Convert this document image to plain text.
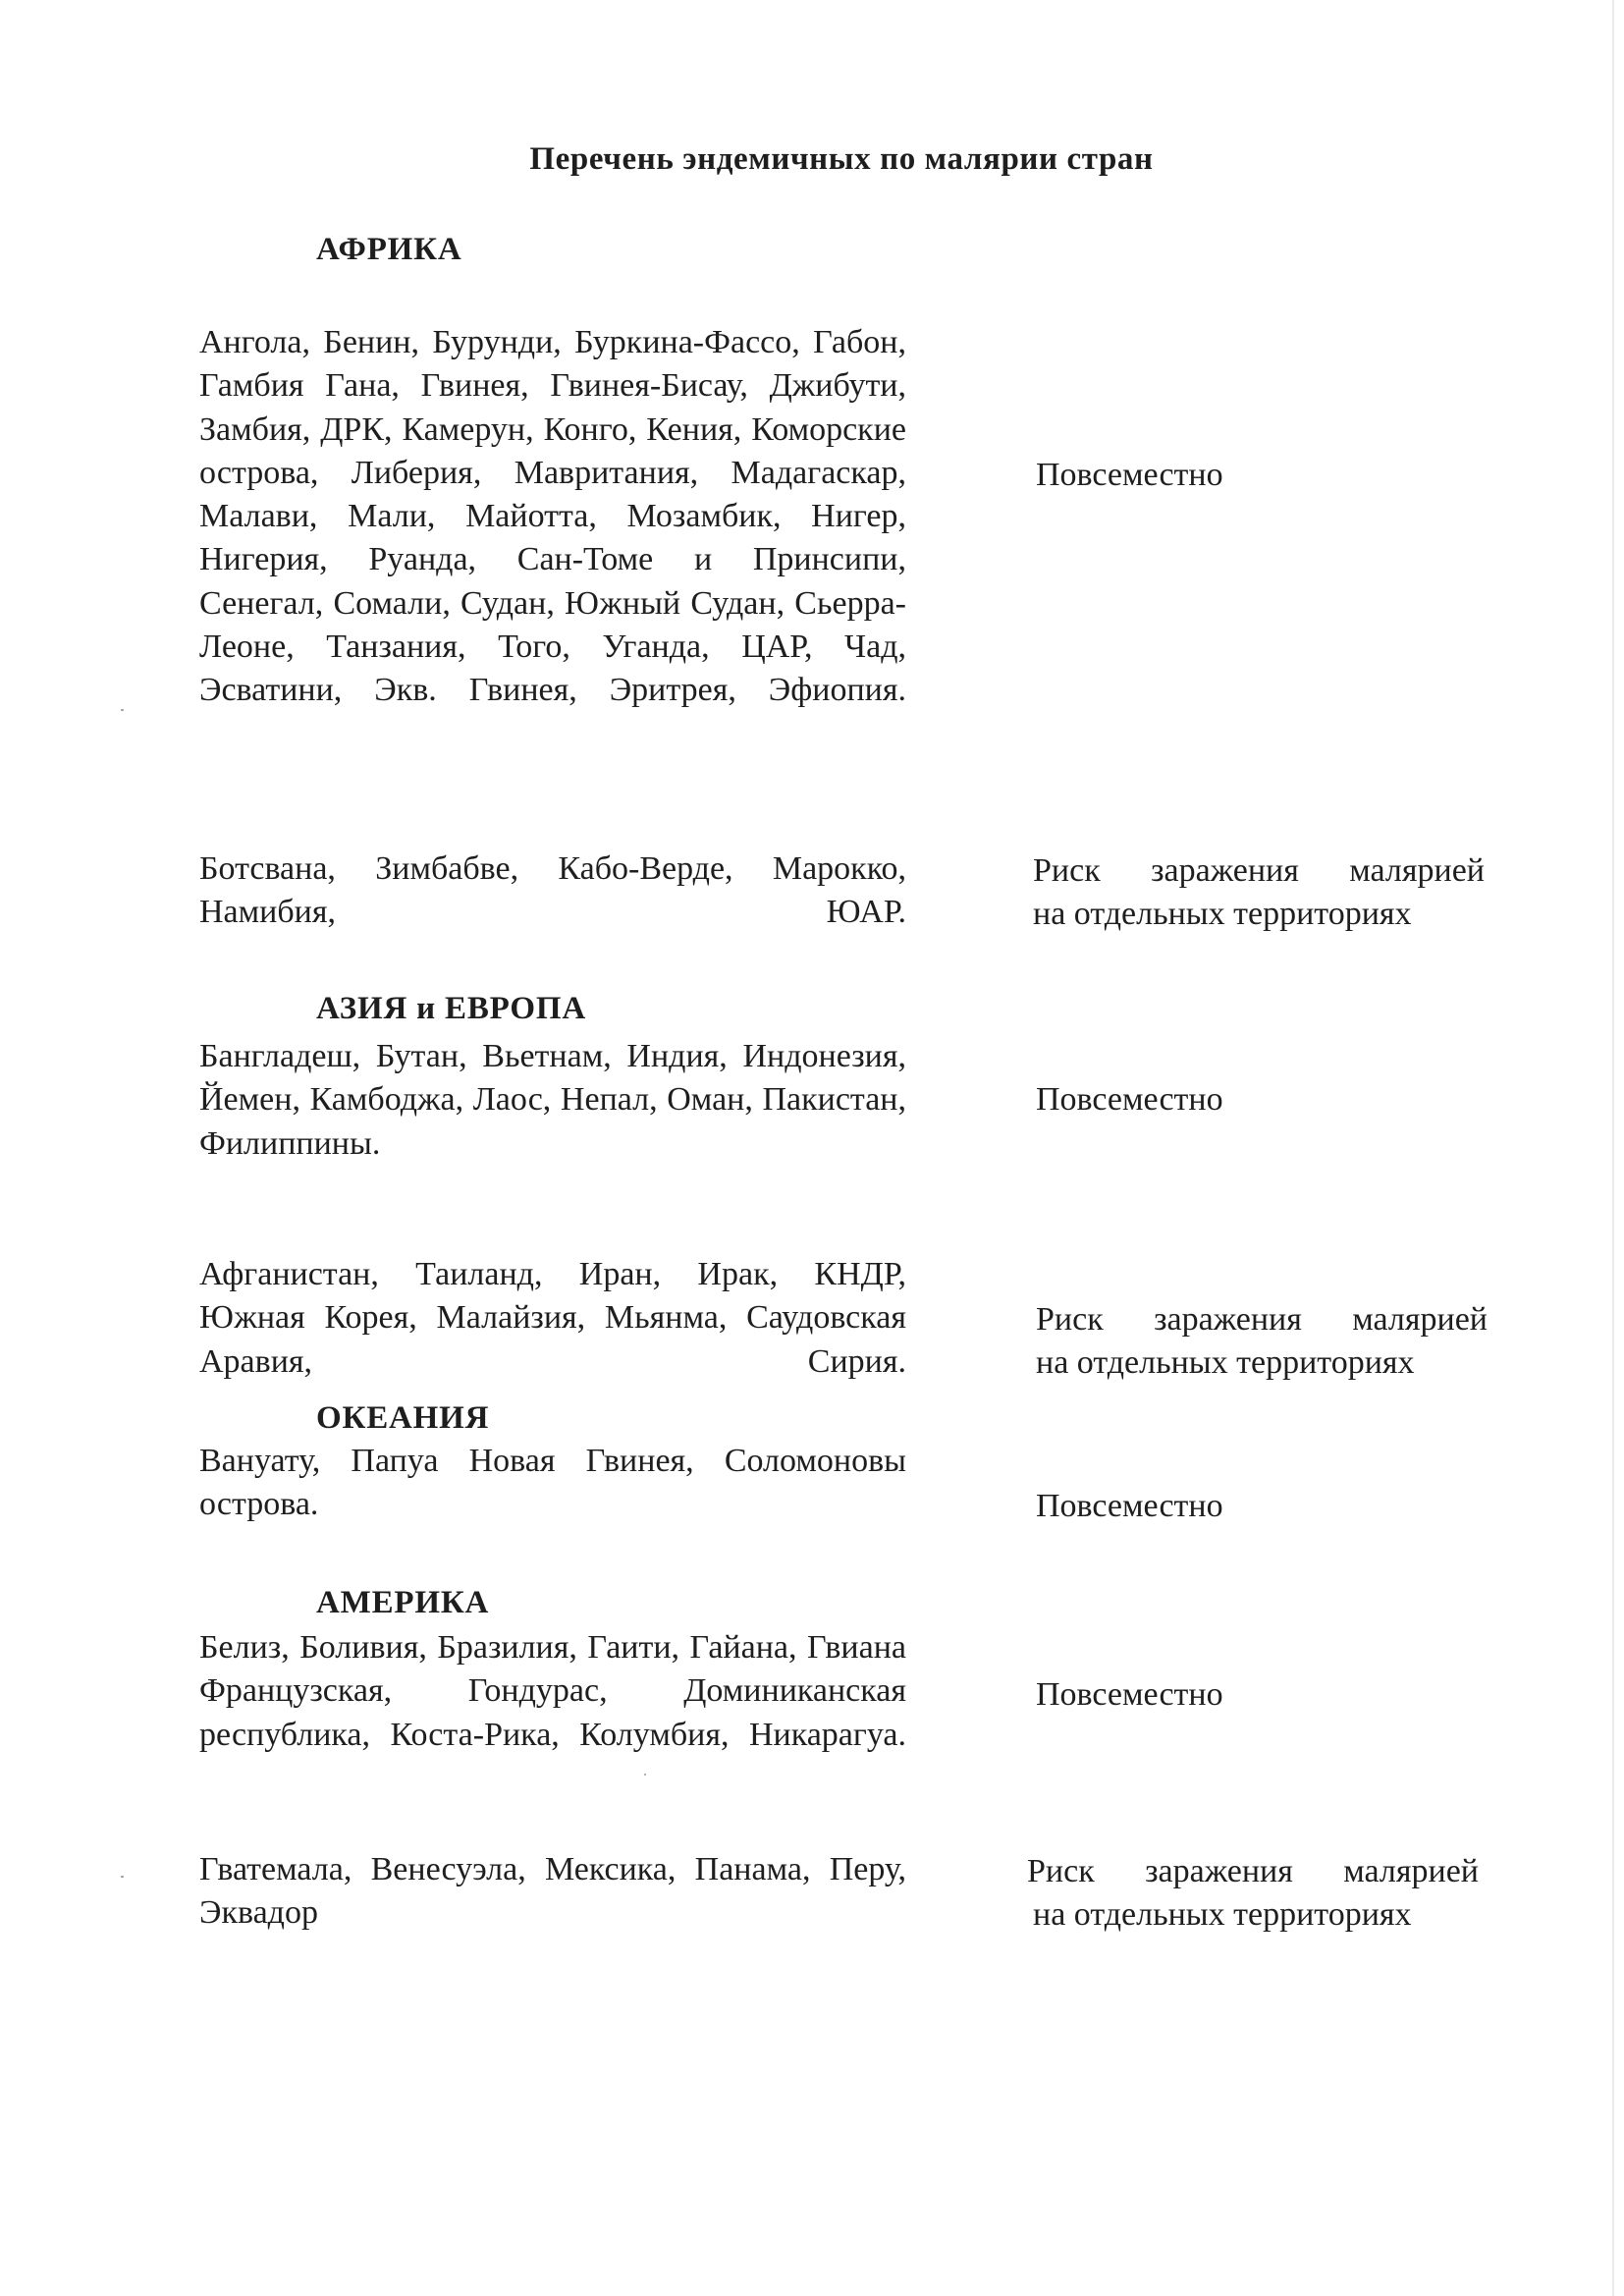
Перечень эндемичных по малярии стран
АФРИКА

Ангола, Бенин, Бурунди, Буркина-Фассо, Габон, Гамбия Гана, Гвинея, Гвинея-Бисау, Джибути, Замбия, ДРК, Камерун, Конго, Кения, Коморские острова, Либерия, Мавритания, Мадагаскар, Малави, Мали, Майотта, Мозамбик, Нигер, Нигерия, Руанда, Сан-Томе и Принсипи, Сенегал, Сомали, Судан, Южный Судан, Сьерра-Леоне, Танзания, Того, Уганда, ЦАР, Чад, Эсватини, Экв. Гвинея, Эритрея, Эфиопия.

Повсеместно

Ботсвана, Зимбабве, Кабо-Верде, Марокко, Намибия, ЮАР.

Риск заражения малярией
на отдельных территориях
АЗИЯ и ЕВРОПА

Бангладеш, Бутан, Вьетнам, Индия, Индонезия, Йемен, Камбоджа, Лаос, Непал, Оман, Пакистан, Филиппины.

Повсеместно

Афганистан, Таиланд, Иран, Ирак, КНДР, Южная Корея, Малайзия, Мьянма, Саудовская Аравия, Сирия.

Риск заражения малярией
на отдельных территориях
ОКЕАНИЯ

Вануату, Папуа Новая Гвинея, Соломоновы острова.	Повсеместно

АМЕРИКА

Белиз, Боливия, Бразилия, Гаити, Гайана, Гвиана Французская, Гондурас, Доминиканская республика, Коста-Рика, Колумбия, Никарагуа.

Повсеместно

Гватемала, Венесуэла, Мексика, Панама, Перу, Эквадор

Риск заражения малярией
на отдельных территориях
